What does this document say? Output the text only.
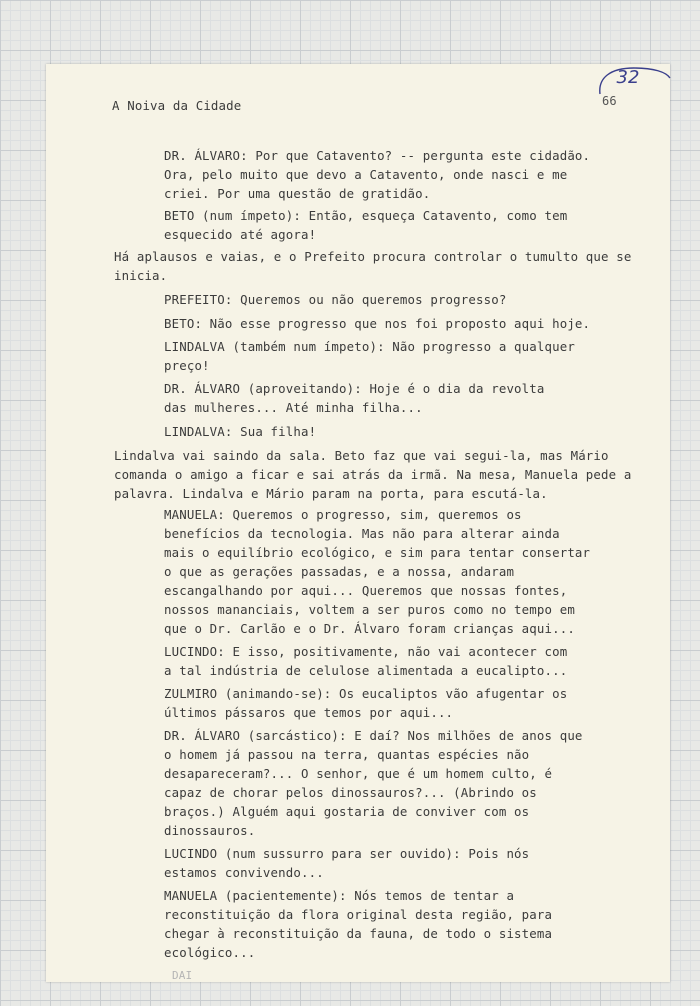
32
A Noiva da Cidade	66
DR. ÁLVARO: Por que Catavento? -- pergunta este cidadão.
Ora, pelo muito que devo a Catavento, onde nasci e me
criei. Por uma questão de gratidão.
BETO (num ímpeto): Então, esqueça Catavento, como tem
esquecido até agora!
Há aplausos e vaias, e o Prefeito procura controlar o tumulto que se
inicia.
PREFEITO: Queremos ou não queremos progresso?
BETO: Não esse progresso que nos foi proposto aqui hoje.
LINDALVA (também num ímpeto): Não progresso a qualquer
preço!
DR. ÁLVARO (aproveitando): Hoje é o dia da revolta
das mulheres... Até minha filha...
LINDALVA: Sua filha!
Lindalva vai saindo da sala. Beto faz que vai segui-la, mas Mário
comanda o amigo a ficar e sai atrás da irmã. Na mesa, Manuela pede a
palavra. Lindalva e Mário param na porta, para escutá-la.
MANUELA: Queremos o progresso, sim, queremos os
benefícios da tecnologia. Mas não para alterar ainda
mais o equilíbrio ecológico, e sim para tentar consertar
o que as gerações passadas, e a nossa, andaram
escangalhando por aqui... Queremos que nossas fontes,
nossos mananciais, voltem a ser puros como no tempo em
que o Dr. Carlão e o Dr. Álvaro foram crianças aqui...
LUCINDO: E isso, positivamente, não vai acontecer com
a tal indústria de celulose alimentada a eucalipto...
ZULMIRO (animando-se): Os eucaliptos vão afugentar os
últimos pássaros que temos por aqui...
DR. ÁLVARO (sarcástico): E daí? Nos milhões de anos que
o homem já passou na terra, quantas espécies não
desapareceram?... O senhor, que é um homem culto, é
capaz de chorar pelos dinossauros?... (Abrindo os
braços.) Alguém aqui gostaria de conviver com os
dinossauros.
LUCINDO (num sussurro para ser ouvido): Pois nós
estamos convivendo...
MANUELA (pacientemente): Nós temos de tentar a
reconstituição da flora original desta região, para
chegar à reconstituição da fauna, de todo o sistema
ecológico...
DAI
